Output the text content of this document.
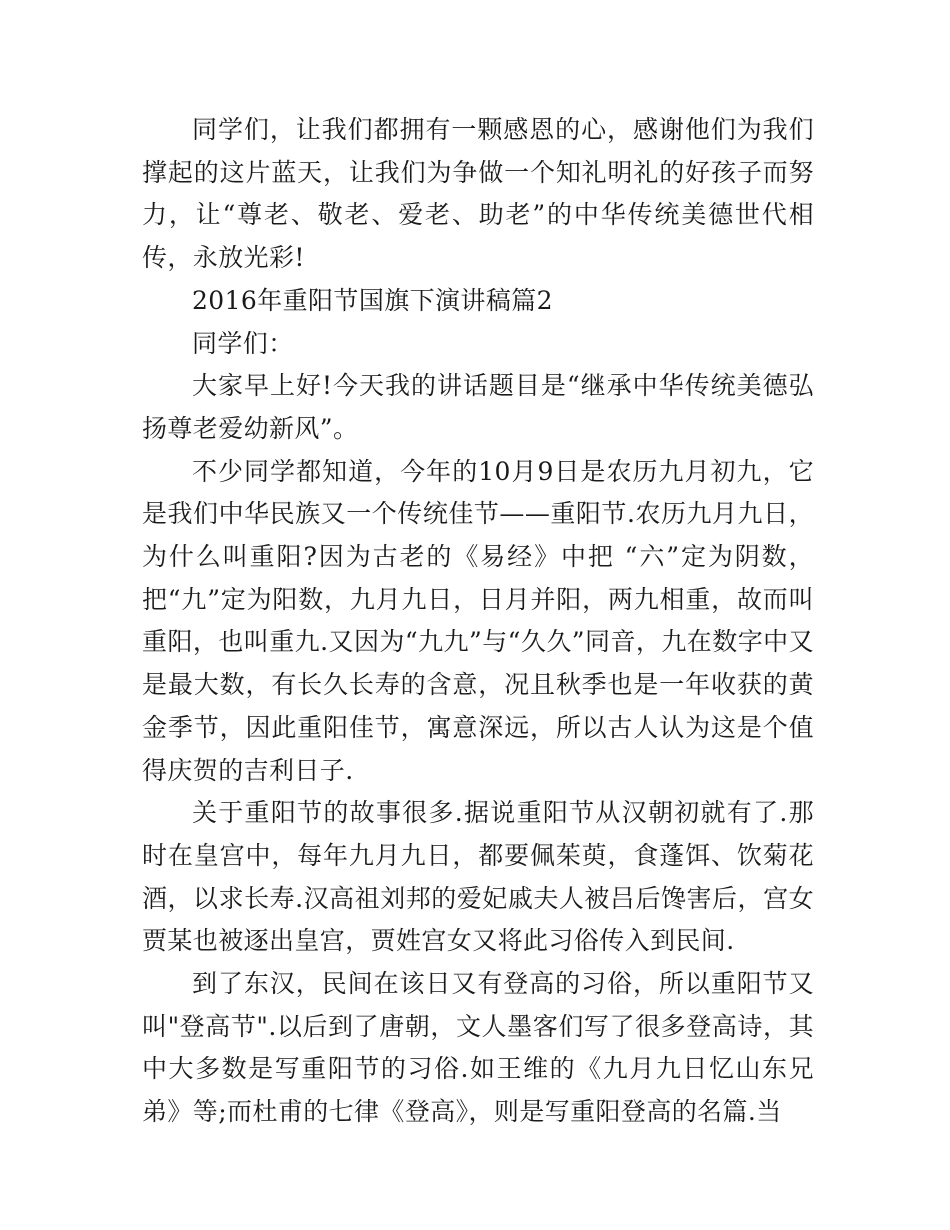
同学们，让我们都拥有一颗感恩的心，感谢他们为我们撑起的这片蓝天，让我们为争做一个知礼明礼的好孩子而努力，让“尊老、敬老、爱老、助老”的中华传统美德世代相传，永放光彩!

2016年重阳节国旗下演讲稿篇2

同学们：

大家早上好!今天我的讲话题目是“继承中华传统美德弘扬尊老爱幼新风”。

不少同学都知道，今年的10月9日是农历九月初九，它是我们中华民族又一个传统佳节——重阳节.农历九月九日，为什么叫重阳?因为古老的《易经》中把 “六”定为阴数，把“九”定为阳数，九月九日，日月并阳，两九相重，故而叫重阳，也叫重九.又因为“九九”与“久久”同音，九在数字中又是最大数，有长久长寿的含意，况且秋季也是一年收获的黄金季节，因此重阳佳节，寓意深远，所以古人认为这是个值得庆贺的吉利日子.

关于重阳节的故事很多.据说重阳节从汉朝初就有了.那时在皇宫中，每年九月九日，都要佩茱萸，食蓬饵、饮菊花酒，以求长寿.汉高祖刘邦的爱妃戚夫人被吕后馋害后，宫女贾某也被逐出皇宫，贾姓宫女又将此习俗传入到民间.

到了东汉，民间在该日又有登高的习俗，所以重阳节又叫"登高节".以后到了唐朝，文人墨客们写了很多登高诗，其中大多数是写重阳节的习俗.如王维的《九月九日忆山东兄弟》等;而杜甫的七律《登高》，则是写重阳登高的名篇.当
